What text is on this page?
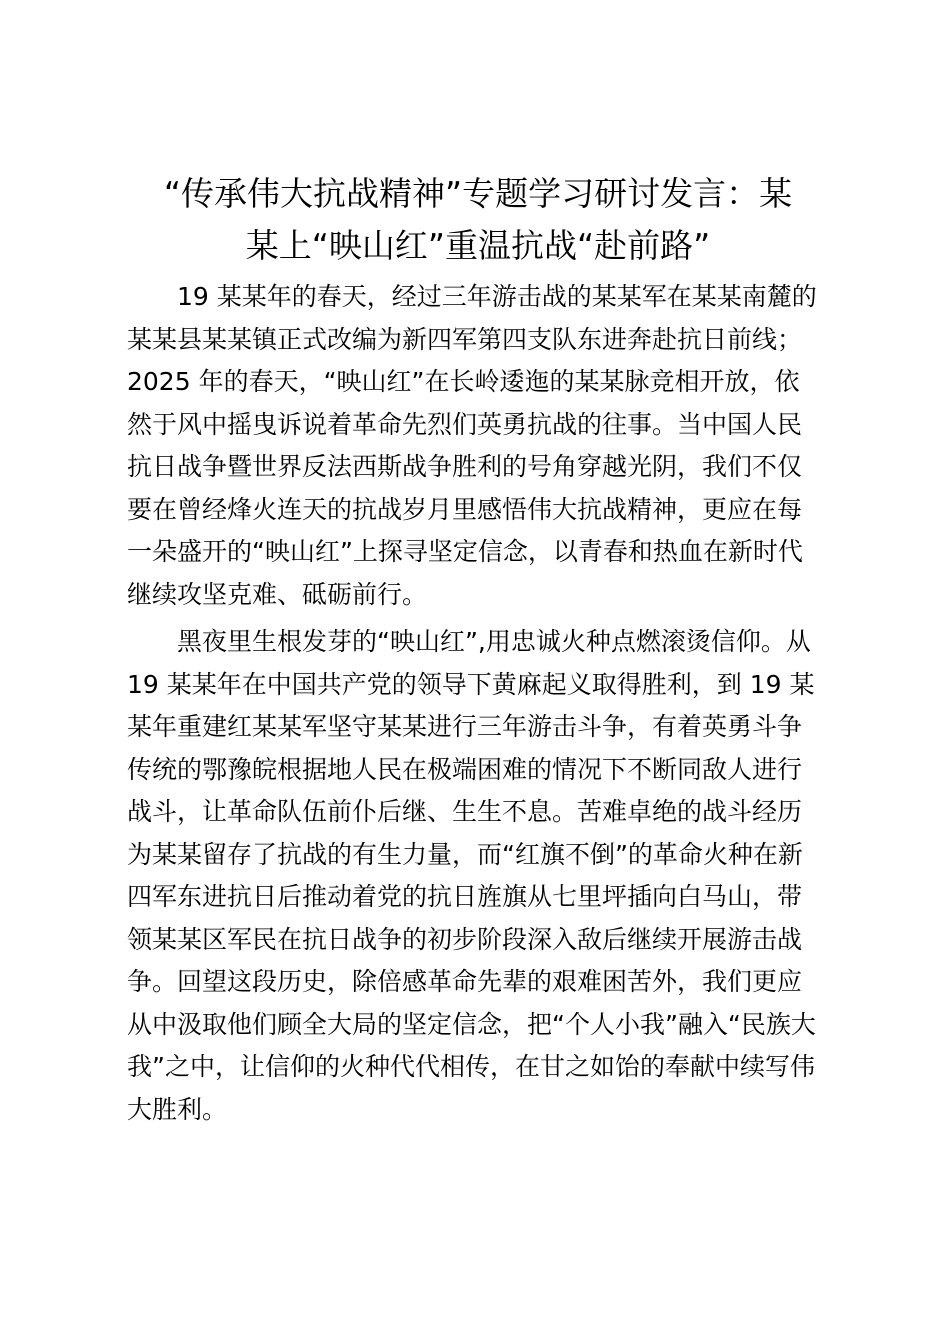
“传承伟大抗战精神”专题学习研讨发言：某
某上“映山红”重温抗战“赴前路”

19 某某年的春天，经过三年游击战的某某军在某某南麓的
某某县某某镇正式改编为新四军第四支队东进奔赴抗日前线；
2025 年的春天，“映山红”在长岭逶迤的某某脉竞相开放，依
然于风中摇曳诉说着革命先烈们英勇抗战的往事。当中国人民
抗日战争暨世界反法西斯战争胜利的号角穿越光阴，我们不仅
要在曾经烽火连天的抗战岁月里感悟伟大抗战精神，更应在每
一朵盛开的“映山红”上探寻坚定信念，以青春和热血在新时代
继续攻坚克难、砥砺前行。

黑夜里生根发芽的“映山红”,用忠诚火种点燃滚烫信仰。从
19 某某年在中国共产党的领导下黄麻起义取得胜利，到 19 某
某年重建红某某军坚守某某进行三年游击斗争，有着英勇斗争
传统的鄂豫皖根据地人民在极端困难的情况下不断同敌人进行
战斗，让革命队伍前仆后继、生生不息。苦难卓绝的战斗经历
为某某留存了抗战的有生力量，而“红旗不倒”的革命火种在新
四军东进抗日后推动着党的抗日旌旗从七里坪插向白马山，带
领某某区军民在抗日战争的初步阶段深入敌后继续开展游击战
争。回望这段历史，除倍感革命先辈的艰难困苦外，我们更应
从中汲取他们顾全大局的坚定信念，把“个人小我”融入“民族大
我”之中，让信仰的火种代代相传，在甘之如饴的奉献中续写伟
大胜利。
